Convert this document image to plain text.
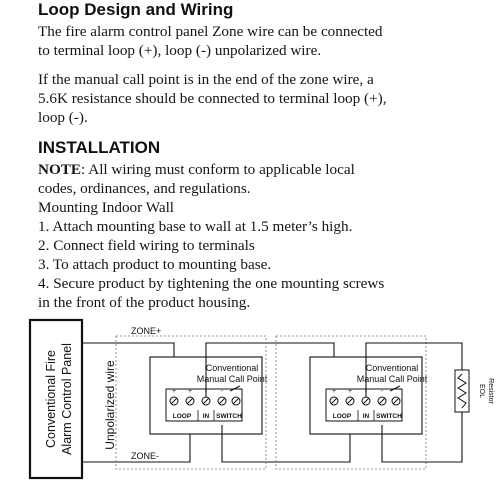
Loop Design and Wiring
The fire alarm control panel Zone wire can be connected
to terminal loop (+), loop (-) unpolarized wire.
If the manual call point is in the end of the zone wire, a
5.6K resistance should be connected to terminal loop (+),
loop (-).
INSTALLATION
NOTE: All wiring must conform to applicable local
codes, ordinances, and regulations.
Mounting Indoor Wall
1. Attach mounting base to wall at 1.5 meter’s high.
2. Connect field wiring to terminals
3. To attach product to mounting base.
4. Secure product by tightening the one mounting screws
in the front of the product housing.
Conventional Fire Alarm Control Panel Unpolarized wire
ZONE+
ZONE-
Conventional
Manual Call Point
+ + - -
LOOP IN SWITCH
Conventional
Manual Call Point
+ + - -
LOOP IN SWITCH
EOL Resistor
